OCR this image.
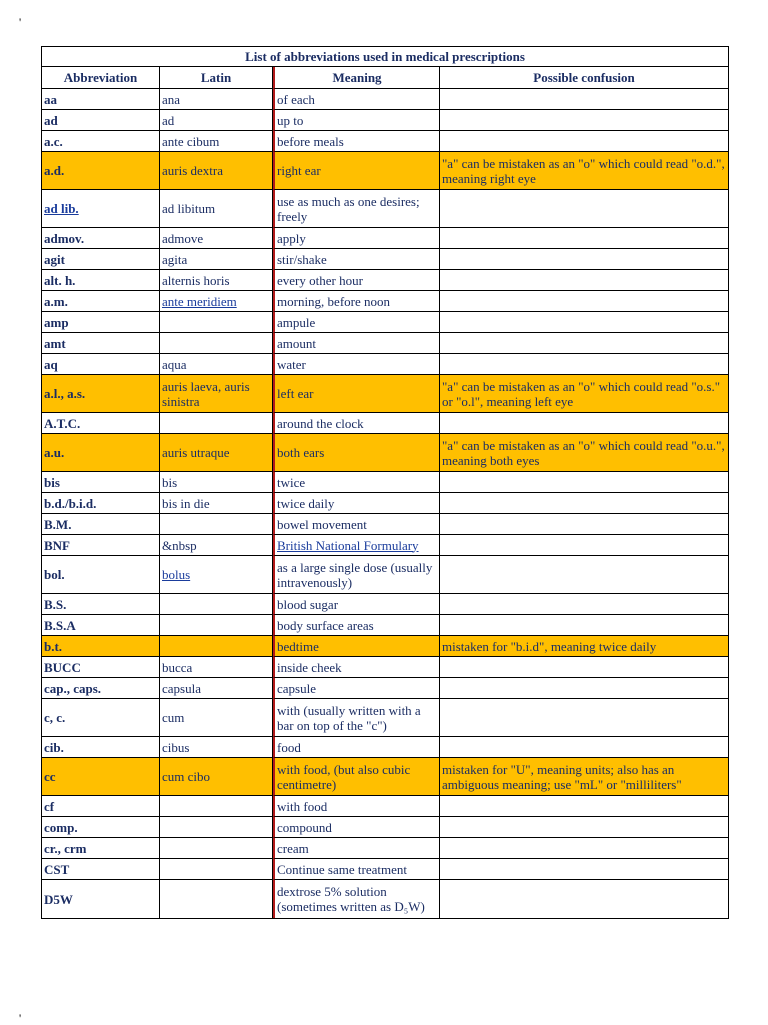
'
List of abbreviations used in medical prescriptions			
Abbreviation	Latin	Meaning	Possible confusion
aa	ana	of each	
ad	ad	up to	
a.c.	ante cibum	before meals	
a.d.	auris dextra	right ear	"a" can be mistaken as an "o" which could read "o.d.", meaning right eye
ad lib.	ad libitum	use as much as one desires; freely	
admov.	admove	apply	
agit	agita	stir/shake	
alt. h.	alternis horis	every other hour	
a.m.	ante meridiem	morning, before noon	
amp		ampule	
amt		amount	
aq	aqua	water	
a.l., a.s.	auris laeva, auris sinistra	left ear	"a" can be mistaken as an "o" which could read "o.s." or "o.l", meaning left eye
A.T.C.		around the clock	
a.u.	auris utraque	both ears	"a" can be mistaken as an "o" which could read "o.u.", meaning both eyes
bis	bis	twice	
b.d./b.i.d.	bis in die	twice daily	
B.M.		bowel movement	
BNF	&nbsp	British National Formulary	
bol.	bolus	as a large single dose (usually intravenously)	
B.S.		blood sugar	
B.S.A		body surface areas	
b.t.		bedtime	mistaken for "b.i.d", meaning twice daily
BUCC	bucca	inside cheek	
cap., caps.	capsula	capsule	
c, c.	cum	with (usually written with a bar on top of the "c")	
cib.	cibus	food	
cc	cum cibo	with food, (but also cubic centimetre)	mistaken for "U", meaning units; also has an ambiguous meaning; use "mL" or "milliliters"
cf		with food	
comp.		compound	
cr., crm		cream	
CST		Continue same treatment	
D5W		dextrose 5% solution (sometimes written as D₅W)	
'
